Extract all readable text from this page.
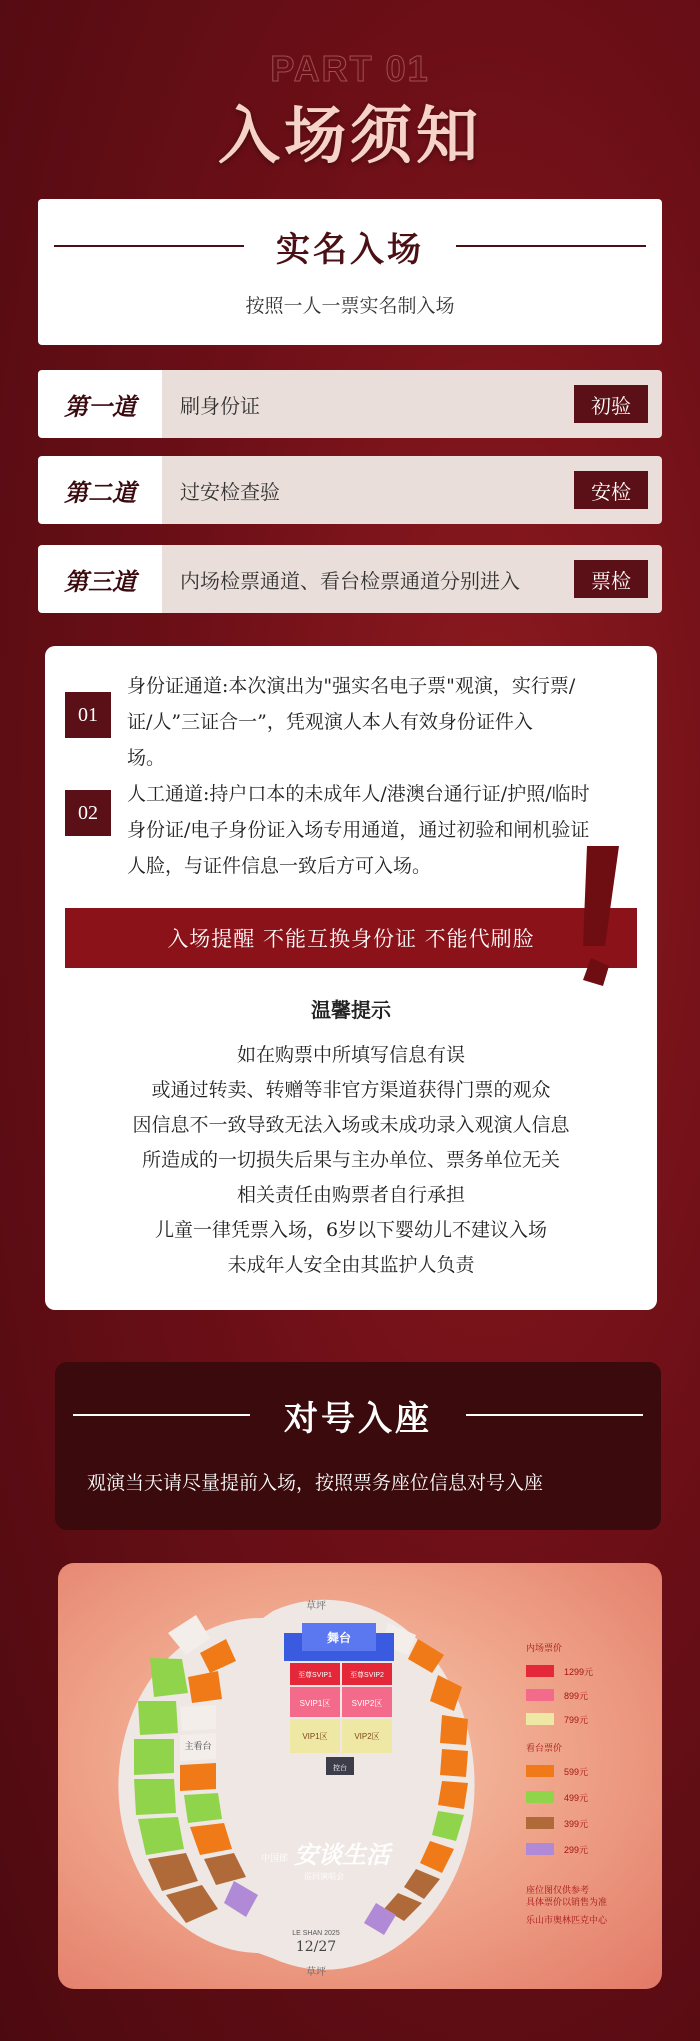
PART 01
入场须知
实名入场
按照一人一票实名制入场
第一道	刷身份证	初验
第二道	过安检查验	安检
第三道	内场检票通道、看台检票通道分别进入	票检
01
身份证通道:本次演出为"强实名电子票"观演，实行票/
证/人”三证合一”，凭观演人本人有效身份证件入
场。
02
人工通道:持户口本的未成年人/港澳台通行证/护照/临时
身份证/电子身份证入场专用通道，通过初验和闸机验证
人脸，与证件信息一致后方可入场。
入场提醒 不能互换身份证 不能代刷脸
温馨提示
如在购票中所填写信息有误
或通过转卖、转赠等非官方渠道获得门票的观众
因信息不一致导致无法入场或未成功录入观演人信息
所造成的一切损失后果与主办单位、票务单位无关
相关责任由购票者自行承担
儿童一律凭票入场，6岁以下婴幼儿不建议入场
未成年人安全由其监护人负责
对号入座
观演当天请尽量提前入场，按照票务座位信息对号入座
舞台
至尊SVIP1	至尊SVIP2
SVIP1区	SVIP2区
VIP1区	VIP2区
控台
草坪
草坪
主看台
中国郎 安谈生活
巡回演唱会
LE SHAN 2025
12/27
内场票价
1299元
899元
799元
看台票价
599元
499元
399元
299元
座位图仅供参考
具体票价以销售为准
乐山市奥林匹克中心
